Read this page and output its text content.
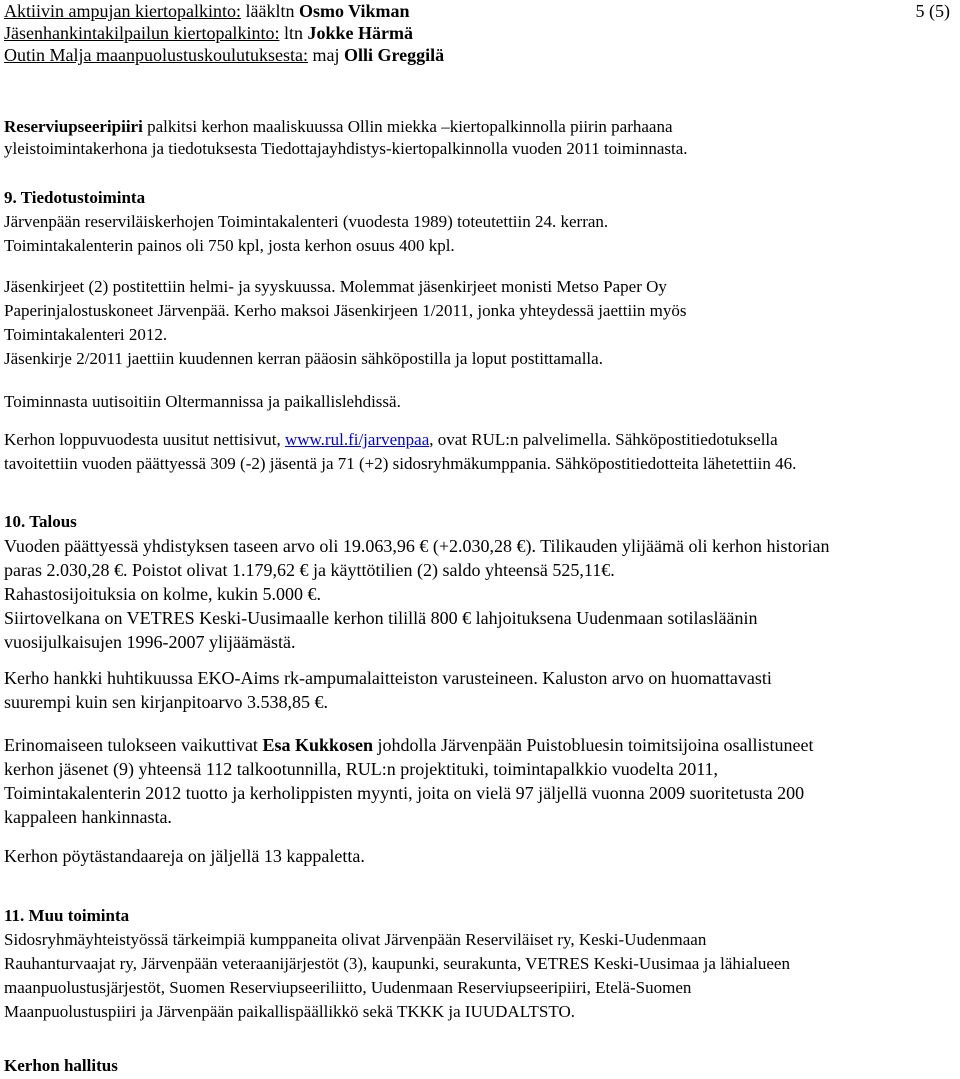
5 (5)
Aktiivin ampujan kiertopalkinto: lääkltn Osmo Vikman
Jäsenhankintakilpailun kiertopalkinto: ltn Jokke Härmä
Outin Malja maanpuolustuskoulutuksesta: maj Olli Greggilä
Reserviupseeripiiri palkitsi kerhon maaliskuussa Ollin miekka –kiertopalkinnolla piirin parhaana
yleistoimintakerhona ja tiedotuksesta Tiedottajayhdistys-kiertopalkinnolla vuoden 2011 toiminnasta.
9. Tiedotustoiminta
Järvenpään reserviläiskerhojen Toimintakalenteri (vuodesta 1989) toteutettiin 24. kerran.
Toimintakalenterin painos oli 750 kpl, josta kerhon osuus 400 kpl.
Jäsenkirjeet (2) postitettiin helmi- ja syyskuussa. Molemmat jäsenkirjeet monisti Metso Paper Oy
Paperinjalostuskoneet Järvenpää. Kerho maksoi Jäsenkirjeen 1/2011, jonka yhteydessä jaettiin myös
Toimintakalenteri 2012.
Jäsenkirje 2/2011 jaettiin kuudennen kerran pääosin sähköpostilla ja loput postittamalla.
Toiminnasta uutisoitiin Oltermannissa ja paikallislehdissä.
Kerhon loppuvuodesta uusitut nettisivut, www.rul.fi/jarvenpaa, ovat RUL:n palvelimella. Sähköpostitiedotuksella
tavoitettiin vuoden päättyessä 309 (-2) jäsentä ja 71 (+2) sidosryhmäkumppania. Sähköpostitiedotteita lähetettiin 46.
10. Talous
Vuoden päättyessä yhdistyksen taseen arvo oli 19.063,96 € (+2.030,28 €). Tilikauden ylijäämä oli kerhon historian
paras 2.030,28 €. Poistot olivat 1.179,62 € ja käyttötilien (2) saldo yhteensä 525,11€.
Rahastosijoituksia on kolme, kukin 5.000 €.
Siirtovelkana on VETRES Keski-Uusimaalle kerhon tilillä 800 € lahjoituksena Uudenmaan sotilasläänin
vuosijulkaisujen 1996-2007 ylijäämästä.
Kerho hankki huhtikuussa EKO-Aims rk-ampumalaitteiston varusteineen. Kaluston arvo on huomattavasti
suurempi kuin sen kirjanpitoarvo 3.538,85 €.
Erinomaiseen tulokseen vaikuttivat Esa Kukkosen johdolla Järvenpään Puistobluesin toimitsijoina osallistuneet
kerhon jäsenet (9) yhteensä 112 talkootunnilla, RUL:n projektituki, toimintapalkkio vuodelta 2011,
Toimintakalenterin 2012 tuotto ja kerholippisten myynti, joita on vielä 97 jäljellä vuonna 2009 suoritetusta 200
kappaleen hankinnasta.
Kerhon pöytästandaareja on jäljellä 13 kappaletta.
11. Muu toiminta
Sidosryhmäyhteistyössä tärkeimpiä kumppaneita olivat Järvenpään Reserviläiset ry, Keski-Uudenmaan
Rauhanturvaajat ry, Järvenpään veteraanijärjestöt (3), kaupunki, seurakunta, VETRES Keski-Uusimaa ja lähialueen
maanpuolustusjärjestöt, Suomen Reserviupseeriliitto, Uudenmaan Reserviupseeripiiri, Etelä-Suomen
Maanpuolustuspiiri ja Järvenpään paikallispäällikkö sekä TKKK ja IUUDALTSTO.
Kerhon hallitus
